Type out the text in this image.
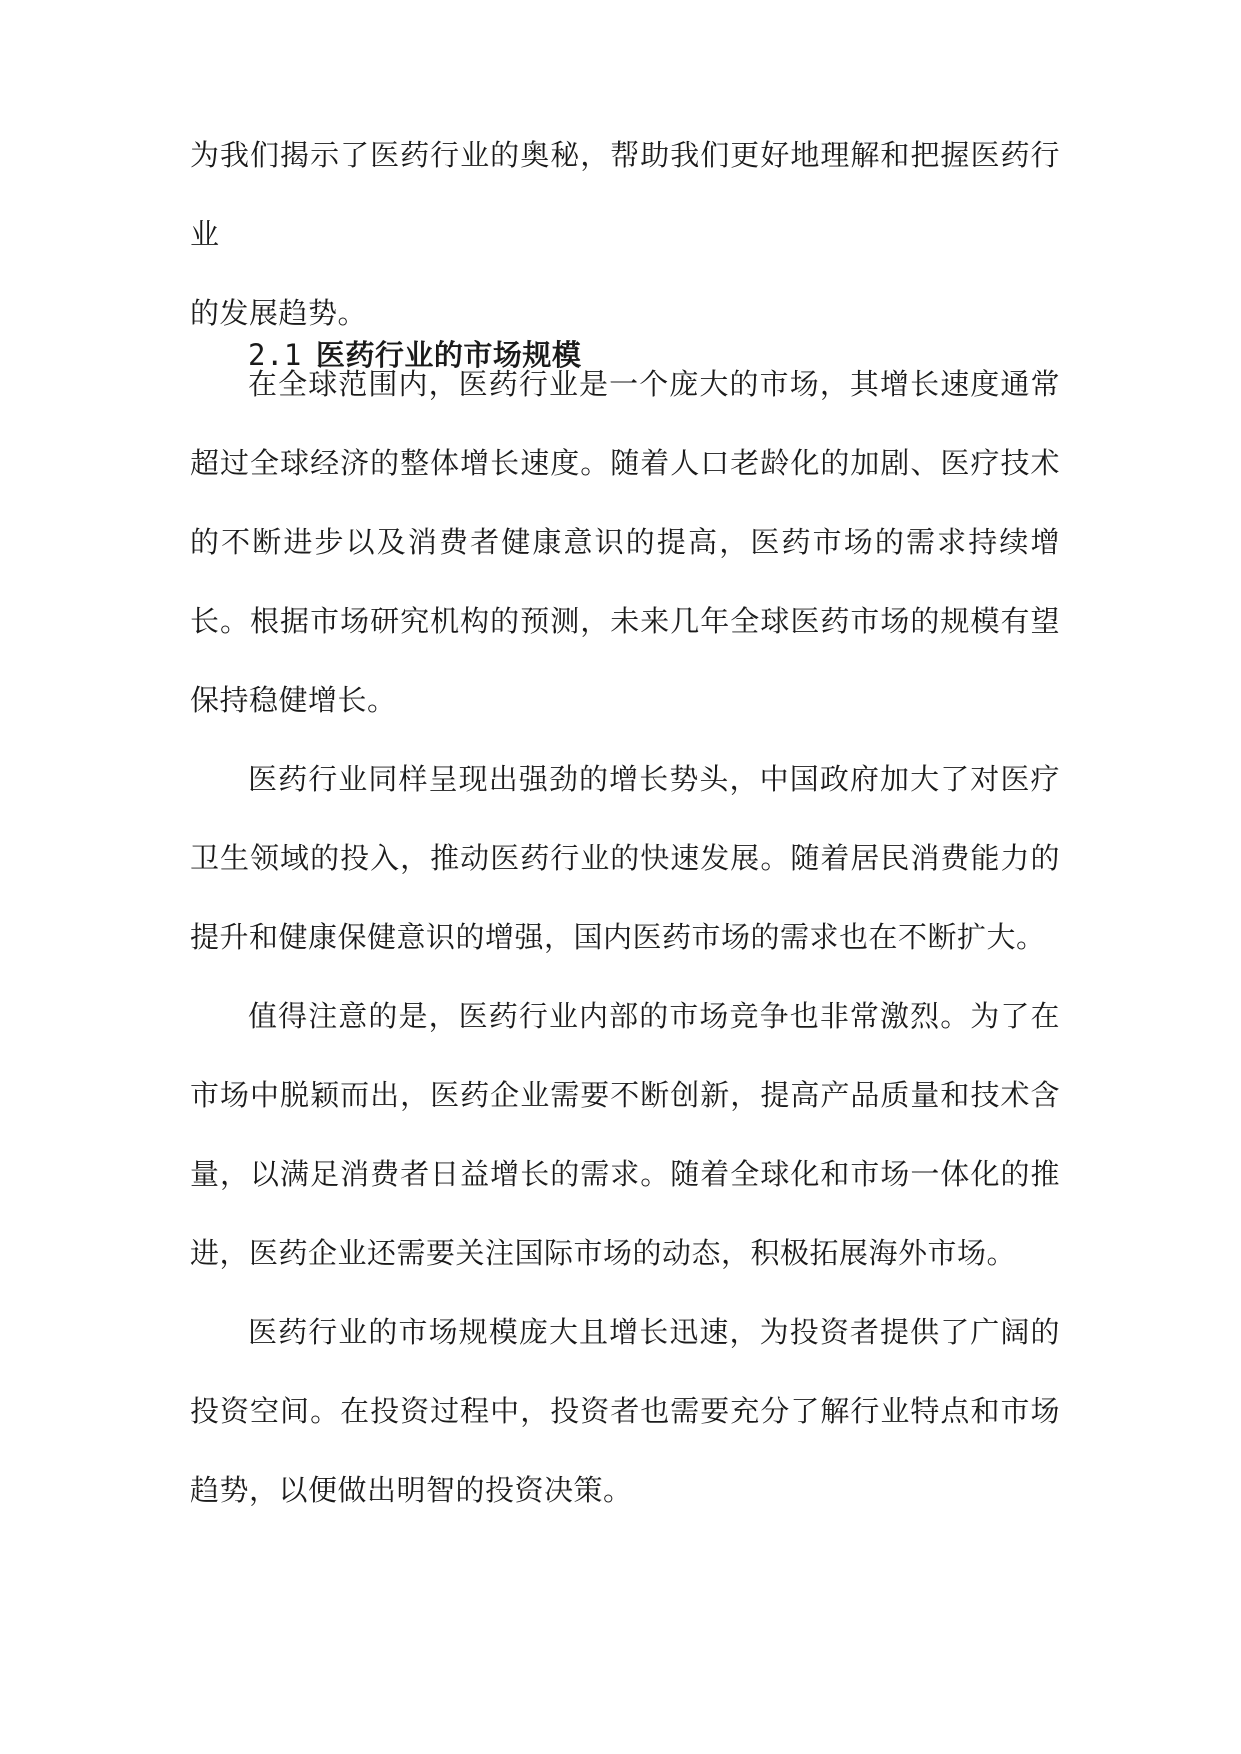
为我们揭示了医药行业的奥秘，帮助我们更好地理解和把握医药行业

的发展趋势。

2.1 医药行业的市场规模

在全球范围内，医药行业是一个庞大的市场，其增长速度通常超过全球经济的整体增长速度。随着人口老龄化的加剧、医疗技术的不断进步以及消费者健康意识的提高，医药市场的需求持续增长。根据市场研究机构的预测，未来几年全球医药市场的规模有望保持稳健增长。

医药行业同样呈现出强劲的增长势头，中国政府加大了对医疗卫生领域的投入，推动医药行业的快速发展。随着居民消费能力的提升和健康保健意识的增强，国内医药市场的需求也在不断扩大。

值得注意的是，医药行业内部的市场竞争也非常激烈。为了在市场中脱颖而出，医药企业需要不断创新，提高产品质量和技术含量，以满足消费者日益增长的需求。随着全球化和市场一体化的推进，医药企业还需要关注国际市场的动态，积极拓展海外市场。

医药行业的市场规模庞大且增长迅速，为投资者提供了广阔的投资空间。在投资过程中，投资者也需要充分了解行业特点和市场趋势，以便做出明智的投资决策。
